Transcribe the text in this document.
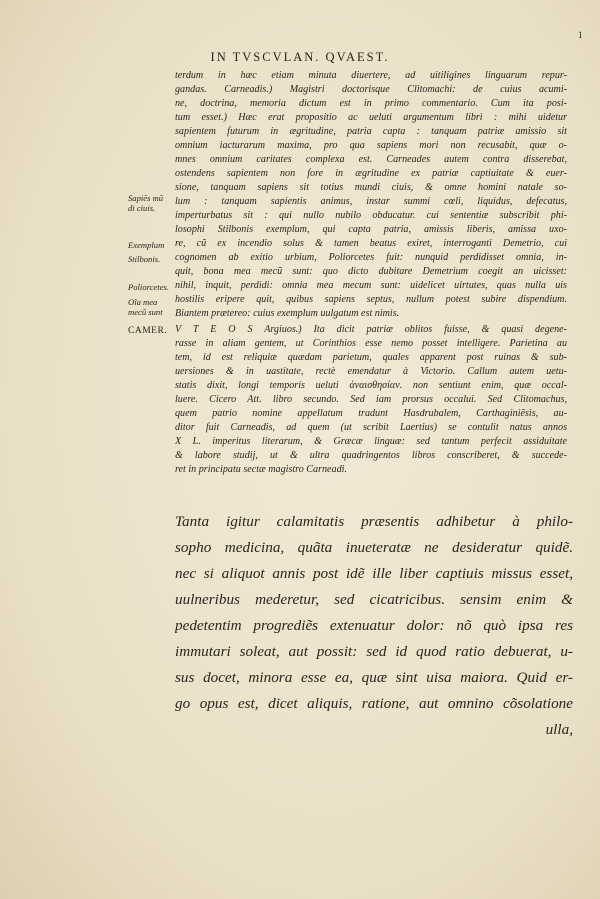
1
IN TVSCVLAN. QVAEST.
terdum in hæc etiam minuta diuertere, ad uitiligines linguarum repur-
gandas. Carneadis.) Magistri doctorisque Clitomachi: de cuius acumi-
ne, doctrina, memoria dictum est in primo commentario. Cum ita posi-
tum esset.) Hæc erat propositio ac ueluti argumentum libri : mihi uidetur
sapientem futurum in ægritudine, patria capta : tanquam patriæ amissio sit
omnium iacturarum maxima, pro qua sapiens mori non recusabit, quæ o-
mnes omnium caritates complexa est. Carneades autem contra disserebat,
ostendens sapientem non fore in ægritudine ex patriæ captiuitate & euer-
sione, tanquam sapiens sit totius mundi ciuis, & omne homini natale so-
lum : tanquam sapientis animus, instar summi cœli, liquidus, defecatus,
imperturbatus sit : qui nullo nubilo obducatur. cui sententiæ subscribit phi-
losophi Stilbonis exemplum, qui capta patria, amissis liberis, amissa uxo-
re, cũ ex incendio solus & tamen beatus exiret, interroganti Demetrio, cui
cognomen ab exitio urbium, Poliorcetes fuit: nunquid perdidisset omnia, in-
quit, bona mea mecũ sunt: quo dicto dubitare Demetrium coegit an uicisset:
nihil, inquit, perdidi: omnia mea mecum sunt: uidelicet uirtutes, quas nulla uis
hostilis eripere quit, quibus sapiens septus, nullum potest subire dispendium.
Biantem prætereo: cuius exemplum uulgatum est nimis.
V T E O S Argiuos.) Ita dicit patriæ oblitos fuisse, & quasi degene-
rasse in aliam gentem, ut Corinthios esse nemo posset intelligere. Parietina au
tem, id est reliquiæ quædam parietum, quales apparent post ruinas & sub-
uersiones & in uastitate, rectè emendatur à Victorio. Callum autem uetu-
statis dixit, longi temporis ueluti ἀναισθησίαν. non sentiunt enim, quæ occal-
luere. Cicero Att. libro secundo. Sed iam prorsus occalui. Sed Clitomachus,
quem patrio nomine appellatum tradunt Hasdrubalem, Carthaginiẽsis, au-
ditor fuit Carneadis, ad quem (ut scribit Laertius) se contulit natus annos
X L. imperitus literarum, & Græcæ linguæ: sed tantum perfecit assiduitate
& labore studij, ut & ultra quadringentos libros conscriberet, & succede-
ret in principatu sectæ magistro Carneadi.
Sapiẽs mũ
di ciuis.
Exemplum
Stilbonis.
Poliorcetes.
Oĩa mea
mecũ sunt
CAMER.
Tanta igitur calamitatis præsentis adhibetur à philo-
sopho medicina, quãta inueteratæ ne desideratur quidẽ.
nec si aliquot annis post idẽ ille liber captiuis missus esset,
uulneribus mederetur, sed cicatricibus. sensim enim &
pedetentim progrediẽs extenuatur dolor: nõ quò ipsa res
immutari soleat, aut possit: sed id quod ratio debuerat, u-
sus docet, minora esse ea, quæ sint uisa maiora. Quid er-
go opus est, dicet aliquis, ratione, aut omnino cõsolatione
ulla,
